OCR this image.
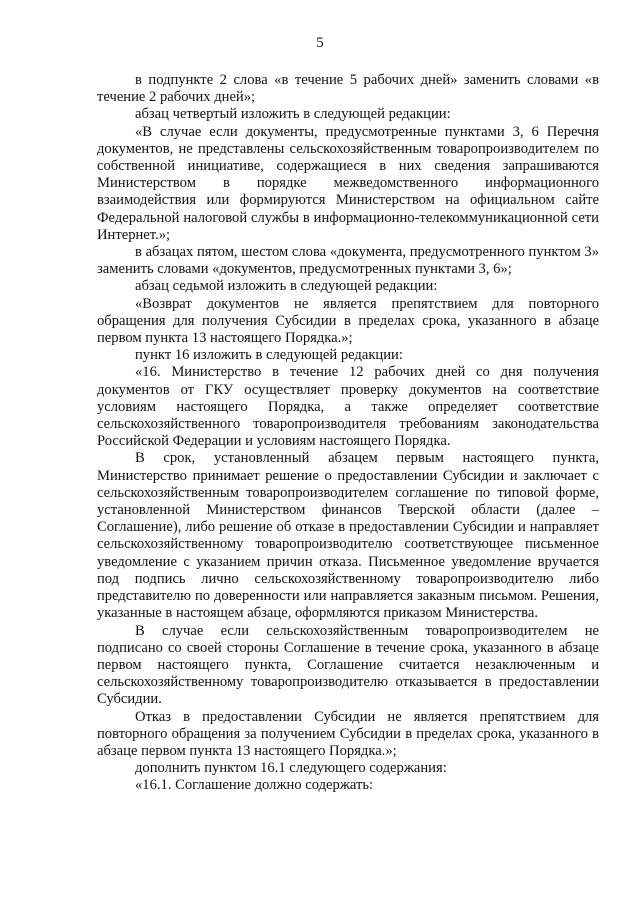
5

в подпункте 2 слова «в течение 5 рабочих дней» заменить словами «в течение 2 рабочих дней»;

абзац четвертый изложить в следующей редакции:

«В случае если документы, предусмотренные пунктами 3, 6 Перечня документов, не представлены сельскохозяйственным товаропроизводителем по собственной инициативе, содержащиеся в них сведения запрашиваются Министерством в порядке межведомственного информационного взаимодействия или формируются Министерством на официальном сайте Федеральной налоговой службы в информационно-телекоммуникационной сети Интернет.»;

в абзацах пятом, шестом слова «документа, предусмотренного пунктом 3» заменить словами «документов, предусмотренных пунктами 3, 6»;

абзац седьмой изложить в следующей редакции:

«Возврат документов не является препятствием для повторного обращения для получения Субсидии в пределах срока, указанного в абзаце первом пункта 13 настоящего Порядка.»;

пункт 16 изложить в следующей редакции:

«16. Министерство в течение 12 рабочих дней со дня получения документов от ГКУ осуществляет проверку документов на соответствие условиям настоящего Порядка, а также определяет соответствие сельскохозяйственного товаропроизводителя требованиям законодательства Российской Федерации и условиям настоящего Порядка.

В срок, установленный абзацем первым настоящего пункта, Министерство принимает решение о предоставлении Субсидии и заключает с сельскохозяйственным товаропроизводителем соглашение по типовой форме, установленной Министерством финансов Тверской области (далее – Соглашение), либо решение об отказе в предоставлении Субсидии и направляет сельскохозяйственному товаропроизводителю соответствующее письменное уведомление с указанием причин отказа. Письменное уведомление вручается под подпись лично сельскохозяйственному товаропроизводителю либо представителю по доверенности или направляется заказным письмом. Решения, указанные в настоящем абзаце, оформляются приказом Министерства.

В случае если сельскохозяйственным товаропроизводителем не подписано со своей стороны Соглашение в течение срока, указанного в абзаце первом настоящего пункта, Соглашение считается незаключенным и сельскохозяйственному товаропроизводителю отказывается в предоставлении Субсидии.

Отказ в предоставлении Субсидии не является препятствием для повторного обращения за получением Субсидии в пределах срока, указанного в абзаце первом пункта 13 настоящего Порядка.»;

дополнить пунктом 16.1 следующего содержания:

«16.1. Соглашение должно содержать:
